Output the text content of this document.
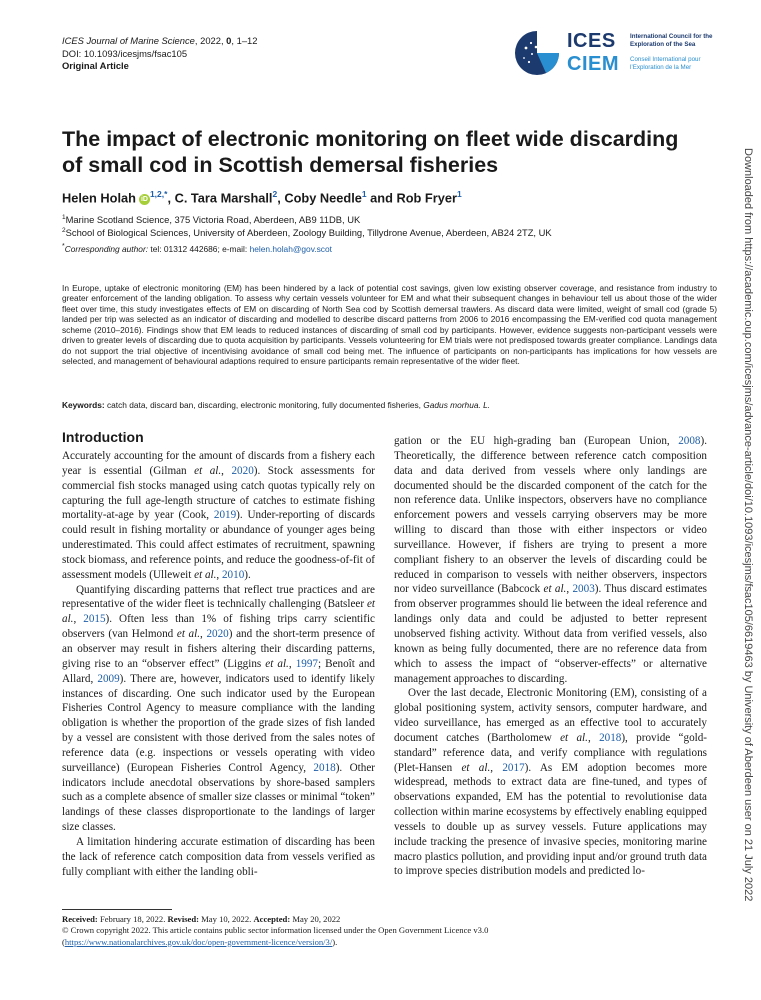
ICES Journal of Marine Science, 2022, 0, 1–12
DOI: 10.1093/icesjms/fsac105
Original Article
ICES
CIEM
International Council for the Exploration of the Sea
Conseil International pour l’Exploration de la Mer
Downloaded from https://academic.oup.com/icesjms/advance-article/doi/10.1093/icesjms/fsac105/6619463 by University of Aberdeen user on 21 July 2022
The impact of electronic monitoring on fleet wide discarding of small cod in Scottish demersal fisheries
Helen Holah $iD^{1,2,*}$, C. Tara Marshall$^2$, Coby Needle$^1$ and Rob Fryer$^1$
$^1$Marine Scotland Science, 375 Victoria Road, Aberdeen, AB9 11DB, UK
$^2$School of Biological Sciences, University of Aberdeen, Zoology Building, Tillydrone Avenue, Aberdeen, AB24 2TZ, UK
*Corresponding author: tel: 01312 442686; e-mail: helen.holah@gov.scot
In Europe, uptake of electronic monitoring (EM) has been hindered by a lack of potential cost savings, given low existing observer coverage, and resistance from industry to greater enforcement of the landing obligation. To assess why certain vessels volunteer for EM and what their subsequent changes in behaviour tell us about those of the wider fleet over time, this study investigates effects of EM on discarding of North Sea cod by Scottish demersal trawlers. As discard data were limited, weight of small cod (grade 5) landed per trip was selected as an indicator of discarding and modelled to describe discard patterns from 2006 to 2016 encompassing the EM-verified cod quota management scheme (2010–2016). Findings show that EM leads to reduced instances of discarding of small cod by participants. However, evidence suggests non-participant vessels were driven to greater levels of discarding due to quota acquisition by participants. Vessels volunteering for EM trials were not predisposed towards greater compliance. Landings data do not support the trial objective of incentivising avoidance of small cod being met. The influence of participants on non-participants has implications for how vessels are selected, and management of behavioural adaptions required to ensure participants remain representative of the wider fleet.
Keywords: catch data, discard ban, discarding, electronic monitoring, fully documented fisheries, Gadus morhua. L.
Introduction

Accurately accounting for the amount of discards from a fishery each year is essential (Gilman et al., 2020). Stock assessments for commercial fish stocks managed using catch quotas typically rely on capturing the full age-length structure of catches to estimate fishing mortality-at-age by year (Cook, 2019). Under-reporting of discards could result in fishing mortality or abundance of younger ages being underestimated. This could affect estimates of recruitment, spawning stock biomass, and reference points, and reduce the goodness-of-fit of assessment models (Ulleweit et al., 2010).

Quantifying discarding patterns that reflect true practices and are representative of the wider fleet is technically challenging (Batsleer et al., 2015). Often less than 1% of fishing trips carry scientific observers (van Helmond et al., 2020) and the short-term presence of an observer may result in fishers altering their discarding patterns, giving rise to an “observer effect” (Liggins et al., 1997; Benoît and Allard, 2009). There are, however, indicators used to identify likely instances of discarding. One such indicator used by the European Fisheries Control Agency to measure compliance with the landing obligation is whether the proportion of the grade sizes of fish landed by a vessel are consistent with those derived from the sales notes of reference data (e.g. inspections or vessels operating with video surveillance) (European Fisheries Control Agency, 2018). Other indicators include anecdotal observations by shore-based samplers such as a complete absence of smaller size classes or minimal “token” landings of these classes disproportionate to the landings of larger size classes.

A limitation hindering accurate estimation of discarding has been the lack of reference catch composition data from vessels verified as fully compliant with either the landing obli-

gation or the EU high-grading ban (European Union, 2008). Theoretically, the difference between reference catch composition data and data derived from vessels where only landings are documented should be the discarded component of the catch for the non reference data. Unlike inspectors, observers have no compliance enforcement powers and vessels carrying observers may be more willing to discard than those with either inspectors or video surveillance. However, if fishers are trying to present a more compliant fishery to an observer the levels of discarding could be reduced in comparison to vessels with neither observers, inspectors nor video surveillance (Babcock et al., 2003). Thus discard estimates from observer programmes should lie between the ideal reference and landings only data and could be adjusted to better represent unobserved fishing activity. Without data from verified vessels, also known as being fully documented, there are no reference data from which to assess the impact of “observer-effects” or alternative management approaches to discarding.

Over the last decade, Electronic Monitoring (EM), consisting of a global positioning system, activity sensors, computer hardware, and video surveillance, has emerged as an effective tool to accurately document catches (Bartholomew et al., 2018), provide “gold-standard” reference data, and verify compliance with regulations (Plet-Hansen et al., 2017). As EM adoption becomes more widespread, methods to extract data are fine-tuned, and types of observations expanded, EM has the potential to revolutionise data collection within marine ecosystems by effectively enabling equipped vessels to double up as survey vessels. Future applications may include tracking the presence of invasive species, monitoring marine macro plastics pollution, and providing input and/or ground truth data to improve species distribution models and predicted lo-

Received: February 18, 2022. Revised: May 10, 2022. Accepted: May 20, 2022
© Crown copyright 2022. This article contains public sector information licensed under the Open Government Licence v3.0
(https://www.nationalarchives.gov.uk/doc/open-government-licence/version/3/).
